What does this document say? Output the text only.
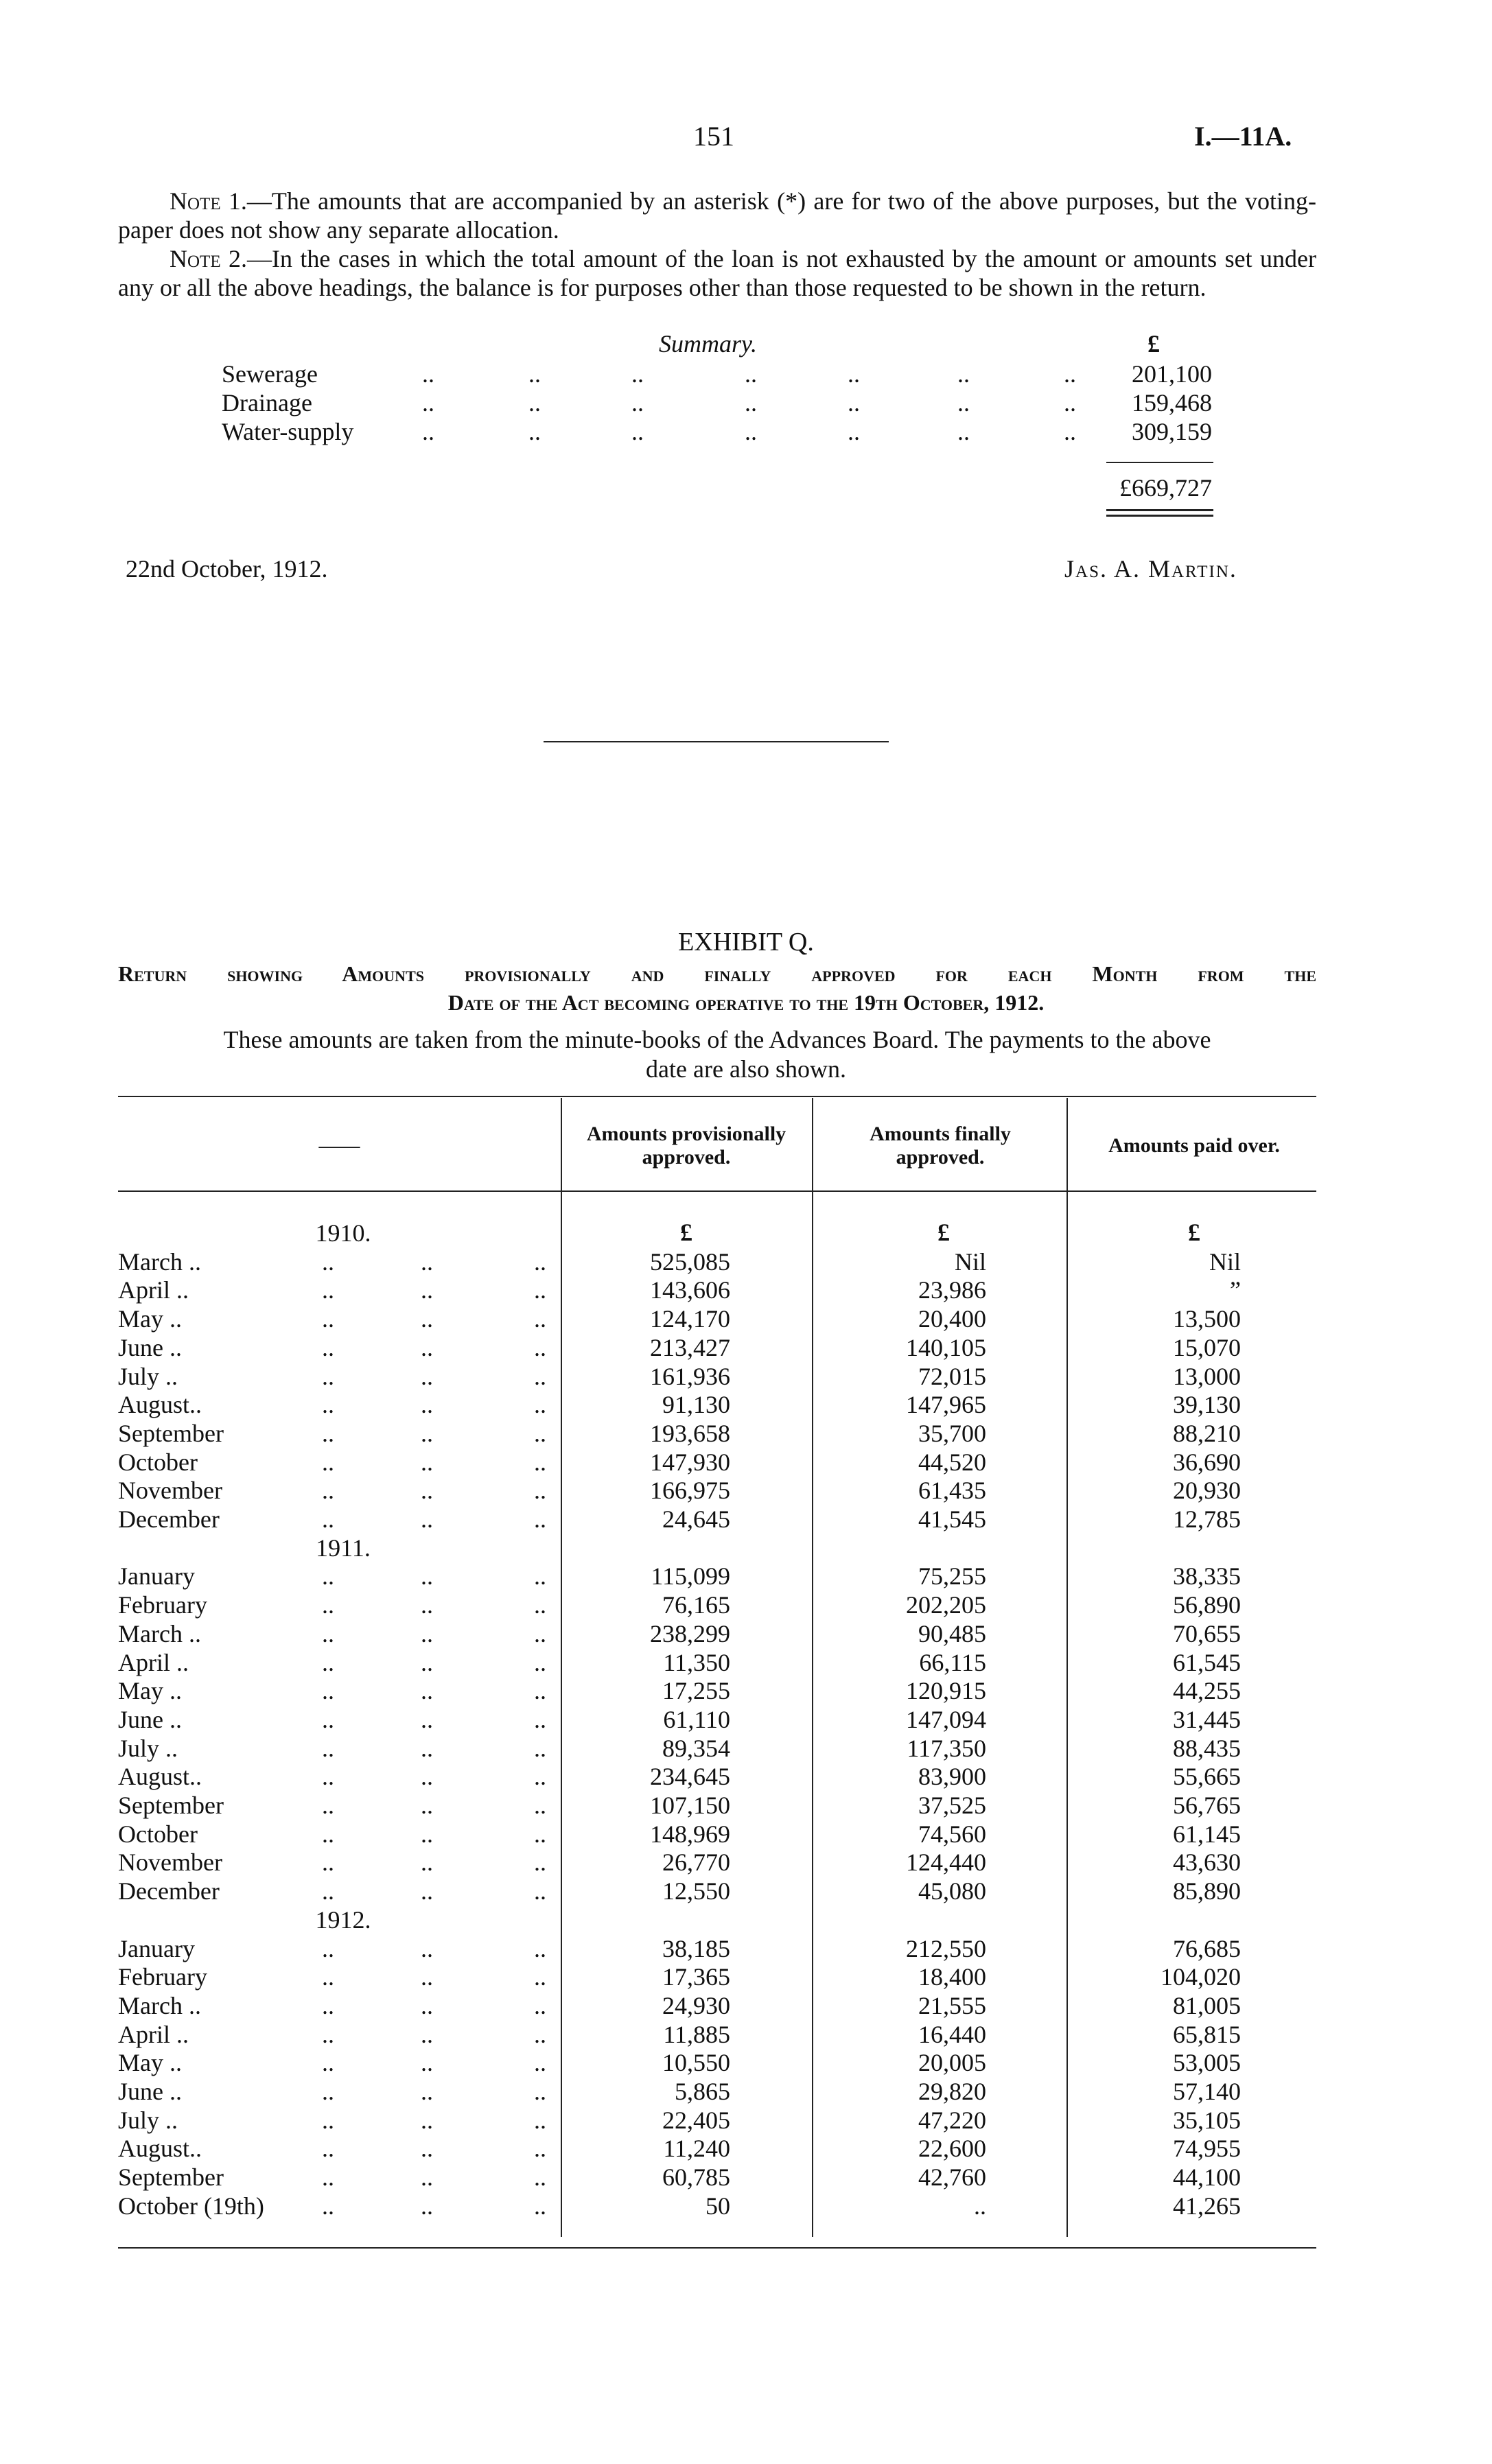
151	I.—11A.
Note 1.—The amounts that are accompanied by an asterisk (*) are for two of the above purposes, but the voting-paper does not show any separate allocation.
Note 2.—In the cases in which the total amount of the loan is not exhausted by the amount or amounts set under any or all the above headings, the balance is for purposes other than those requested to be shown in the return.
Summary.	£
Sewerage	..	..	..	..	..	..	..	201,100
Drainage	..	..	..	..	..	..	..	159,468
Water-supply	..	..	..	..	..	..	..	309,159
£669,727
22nd October, 1912.	Jas. A. Martin.
EXHIBIT Q.
Return showing Amounts provisionally and finally approved for each Month from the
Date of the Act becoming operative to the 19th October, 1912.
These amounts are taken from the minute-books of the Advances Board. The payments to the above
date are also shown.
——
Amounts provisionally approved.
Amounts finally approved.
Amounts paid over.
£	£	£
1910.
March ..	..	..	..	525,085	Nil	Nil
April ..	..	..	..	143,606	23,986	”
May ..	..	..	..	124,170	20,400	13,500
June ..	..	..	..	213,427	140,105	15,070
July ..	..	..	..	161,936	72,015	13,000
August..	..	..	..	91,130	147,965	39,130
September	..	..	..	193,658	35,700	88,210
October	..	..	..	147,930	44,520	36,690
November	..	..	..	166,975	61,435	20,930
December	..	..	..	24,645	41,545	12,785
1911.
January	..	..	..	115,099	75,255	38,335
February	..	..	..	76,165	202,205	56,890
March ..	..	..	..	238,299	90,485	70,655
April ..	..	..	..	11,350	66,115	61,545
May ..	..	..	..	17,255	120,915	44,255
June ..	..	..	..	61,110	147,094	31,445
July ..	..	..	..	89,354	117,350	88,435
August..	..	..	..	234,645	83,900	55,665
September	..	..	..	107,150	37,525	56,765
October	..	..	..	148,969	74,560	61,145
November	..	..	..	26,770	124,440	43,630
December	..	..	..	12,550	45,080	85,890
1912.
January	..	..	..	38,185	212,550	76,685
February	..	..	..	17,365	18,400	104,020
March ..	..	..	..	24,930	21,555	81,005
April ..	..	..	..	11,885	16,440	65,815
May ..	..	..	..	10,550	20,005	53,005
June ..	..	..	..	5,865	29,820	57,140
July ..	..	..	..	22,405	47,220	35,105
August..	..	..	..	11,240	22,600	74,955
September	..	..	..	60,785	42,760	44,100
October (19th) ..	..	..	50	..	41,265
